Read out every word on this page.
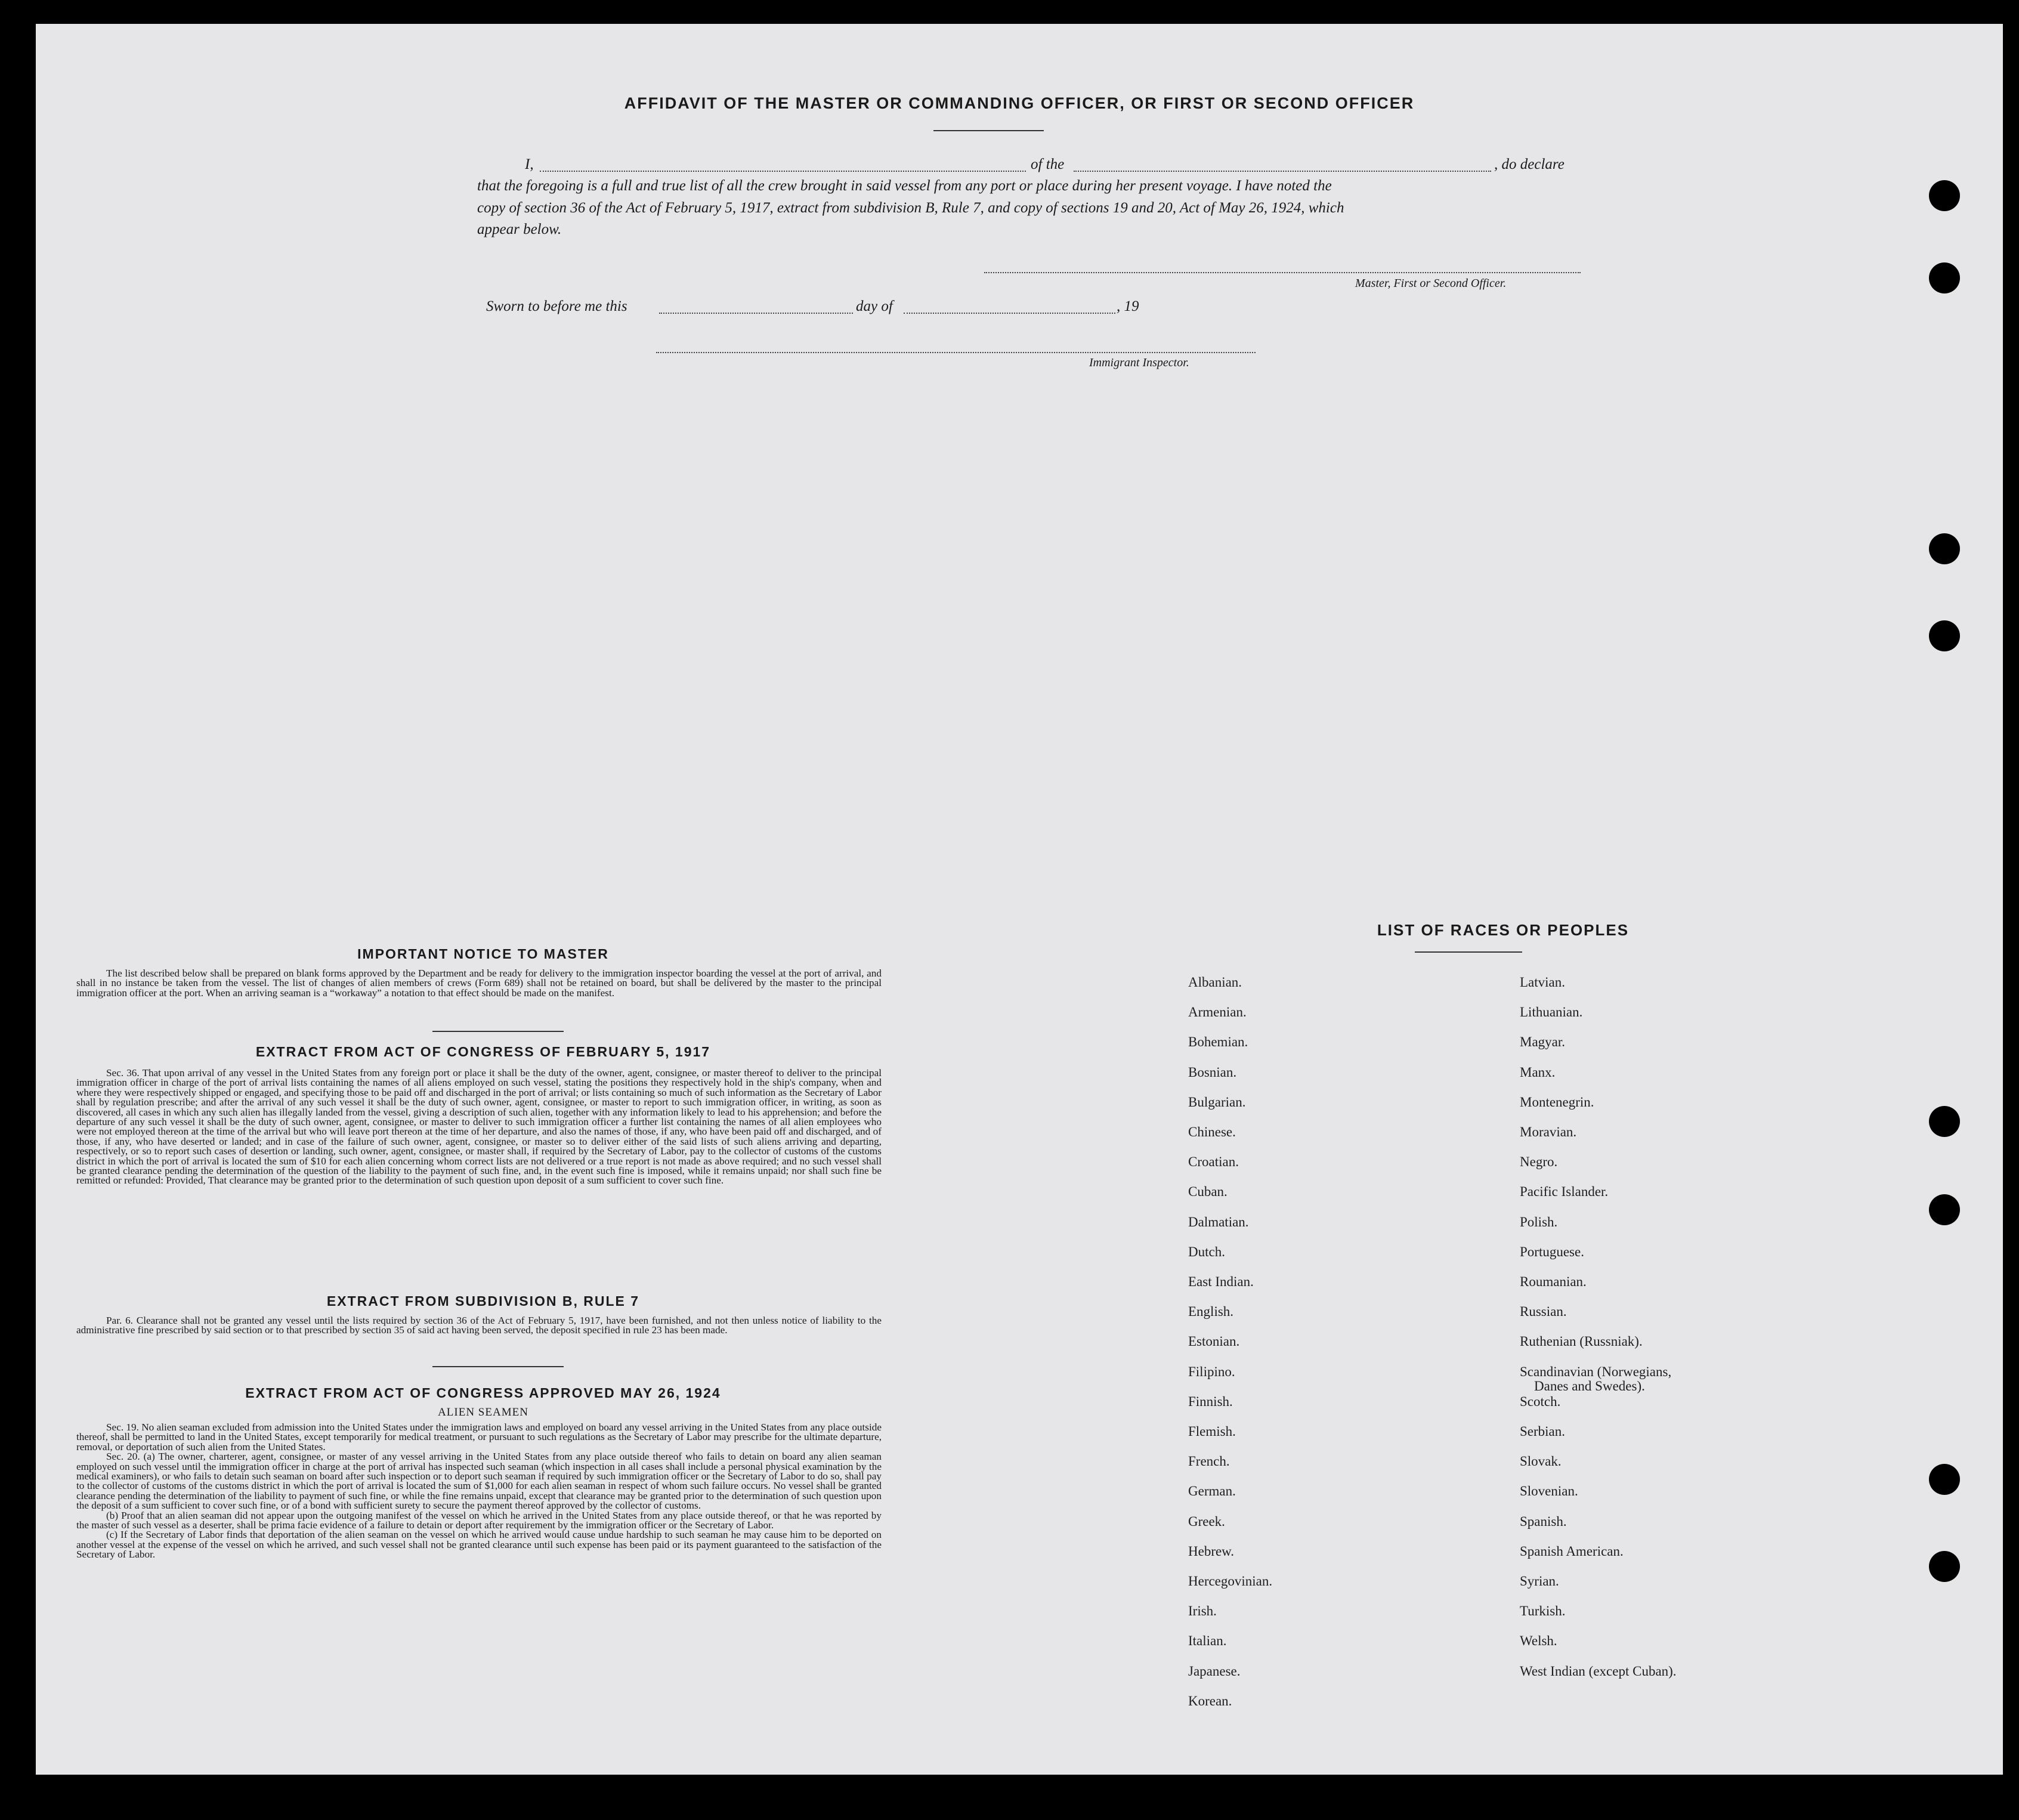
AFFIDAVIT OF THE MASTER OR COMMANDING OFFICER, OR FIRST OR SECOND OFFICER
I,	of the	, do declare
that the foregoing is a full and true list of all the crew brought in said vessel from any port or place during her present voyage. I have noted the
copy of section 36 of the Act of February 5, 1917, extract from subdivision B, Rule 7, and copy of sections 19 and 20, Act of May 26, 1924, which
appear below.
Master, First or Second Officer.
Sworn to before me this	day of	, 19
Immigrant Inspector.
IMPORTANT NOTICE TO MASTER

The list described below shall be prepared on blank forms approved by the Department and be ready for delivery to the immigration inspector boarding the vessel at the port of arrival, and shall in no instance be taken from the vessel. The list of changes of alien members of crews (Form 689) shall not be retained on board, but shall be delivered by the master to the principal immigration officer at the port. When an arriving seaman is a “workaway” a notation to that effect should be made on the manifest.

EXTRACT FROM ACT OF CONGRESS OF FEBRUARY 5, 1917

Sec. 36. That upon arrival of any vessel in the United States from any foreign port or place it shall be the duty of the owner, agent, consignee, or master thereof to deliver to the principal immigration officer in charge of the port of arrival lists containing the names of all aliens employed on such vessel, stating the positions they respectively hold in the ship's company, when and where they were respectively shipped or engaged, and specifying those to be paid off and discharged in the port of arrival; or lists containing so much of such information as the Secretary of Labor shall by regulation prescribe; and after the arrival of any such vessel it shall be the duty of such owner, agent, consignee, or master to report to such immigration officer, in writing, as soon as discovered, all cases in which any such alien has illegally landed from the vessel, giving a description of such alien, together with any information likely to lead to his apprehension; and before the departure of any such vessel it shall be the duty of such owner, agent, consignee, or master to deliver to such immigration officer a further list containing the names of all alien employees who were not employed thereon at the time of the arrival but who will leave port thereon at the time of her departure, and also the names of those, if any, who have been paid off and discharged, and of those, if any, who have deserted or landed; and in case of the failure of such owner, agent, consignee, or master so to deliver either of the said lists of such aliens arriving and departing, respectively, or so to report such cases of desertion or landing, such owner, agent, consignee, or master shall, if required by the Secretary of Labor, pay to the collector of customs of the customs district in which the port of arrival is located the sum of $10 for each alien concerning whom correct lists are not delivered or a true report is not made as above required; and no such vessel shall be granted clearance pending the determination of the question of the liability to the payment of such fine, and, in the event such fine is imposed, while it remains unpaid; nor shall such fine be remitted or refunded: Provided, That clearance may be granted prior to the determination of such question upon deposit of a sum sufficient to cover such fine.

EXTRACT FROM SUBDIVISION B, RULE 7

Par. 6. Clearance shall not be granted any vessel until the lists required by section 36 of the Act of February 5, 1917, have been furnished, and not then unless notice of liability to the administrative fine prescribed by said section or to that prescribed by section 35 of said act having been served, the deposit specified in rule 23 has been made.

EXTRACT FROM ACT OF CONGRESS APPROVED MAY 26, 1924
ALIEN SEAMEN

Sec. 19. No alien seaman excluded from admission into the United States under the immigration laws and employed on board any vessel arriving in the United States from any place outside thereof, shall be permitted to land in the United States, except temporarily for medical treatment, or pursuant to such regulations as the Secretary of Labor may prescribe for the ultimate departure, removal, or deportation of such alien from the United States.

Sec. 20. (a) The owner, charterer, agent, consignee, or master of any vessel arriving in the United States from any place outside thereof who fails to detain on board any alien seaman employed on such vessel until the immigration officer in charge at the port of arrival has inspected such seaman (which inspection in all cases shall include a personal physical examination by the medical examiners), or who fails to detain such seaman on board after such inspection or to deport such seaman if required by such immigration officer or the Secretary of Labor to do so, shall pay to the collector of customs of the customs district in which the port of arrival is located the sum of $1,000 for each alien seaman in respect of whom such failure occurs. No vessel shall be granted clearance pending the determination of the liability to payment of such fine, or while the fine remains unpaid, except that clearance may be granted prior to the determination of such question upon the deposit of a sum sufficient to cover such fine, or of a bond with sufficient surety to secure the payment thereof approved by the collector of customs.

(b) Proof that an alien seaman did not appear upon the outgoing manifest of the vessel on which he arrived in the United States from any place outside thereof, or that he was reported by the master of such vessel as a deserter, shall be prima facie evidence of a failure to detain or deport after requirement by the immigration officer or the Secretary of Labor.

(c) If the Secretary of Labor finds that deportation of the alien seaman on the vessel on which he arrived would cause undue hardship to such seaman he may cause him to be deported on another vessel at the expense of the vessel on which he arrived, and such vessel shall not be granted clearance until such expense has been paid or its payment guaranteed to the satisfaction of the Secretary of Labor.

LIST OF RACES OR PEOPLES
Albanian.
Armenian.
Bohemian.
Bosnian.
Bulgarian.
Chinese.
Croatian.
Cuban.
Dalmatian.
Dutch.
East Indian.
English.
Estonian.
Filipino.
Finnish.
Flemish.
French.
German.
Greek.
Hebrew.
Hercegovinian.
Irish.
Italian.
Japanese.
Korean.
Latvian.
Lithuanian.
Magyar.
Manx.
Montenegrin.
Moravian.
Negro.
Pacific Islander.
Polish.
Portuguese.
Roumanian.
Russian.
Ruthenian (Russniak).
Scandinavian (Norwegians,
Danes and Swedes).
Scotch.
Serbian.
Slovak.
Slovenian.
Spanish.
Spanish American.
Syrian.
Turkish.
Welsh.
West Indian (except Cuban).
